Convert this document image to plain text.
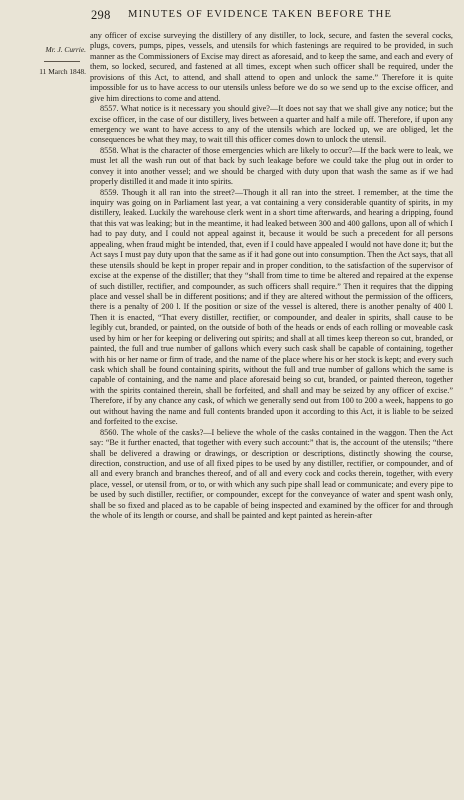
298 MINUTES OF EVIDENCE TAKEN BEFORE THE
Mr. J. Currie.
11 March 1848.

any officer of excise surveying the distillery of any distiller, to lock, secure, and fasten the several cocks, plugs, covers, pumps, pipes, vessels, and utensils for which fastenings are required to be provided, in such manner as the Commissioners of Excise may direct as aforesaid, and to keep the same, and each and every of them, so locked, secured, and fastened at all times, except when such officer shall be required, under the provisions of this Act, to attend, and shall attend to open and unlock the same.” Therefore it is quite impossible for us to have access to our utensils unless before we do so we send up to the excise officer, and give him directions to come and attend.

8557. What notice is it necessary you should give?—It does not say that we shall give any notice; but the excise officer, in the case of our distillery, lives between a quarter and half a mile off. Therefore, if upon any emergency we want to have access to any of the utensils which are locked up, we are obliged, let the consequences be what they may, to wait till this officer comes down to unlock the utensil.

8558. What is the character of those emergencies which are likely to occur?—If the back were to leak, we must let all the wash run out of that back by such leakage before we could take the plug out in order to convey it into another vessel; and we should be charged with duty upon that wash the same as if we had properly distilled it and made it into spirits.

8559. Though it all ran into the street?—Though it all ran into the street. I remember, at the time the inquiry was going on in Parliament last year, a vat containing a very considerable quantity of spirits, in my distillery, leaked. Luckily the warehouse clerk went in a short time afterwards, and hearing a dripping, found that this vat was leaking; but in the meantime, it had leaked between 300 and 400 gallons, upon all of which I had to pay duty, and I could not appeal against it, because it would be such a precedent for all persons appealing, when fraud might be intended, that, even if I could have appealed I would not have done it; but the Act says I must pay duty upon that the same as if it had gone out into consumption. Then the Act says, that all these utensils should be kept in proper repair and in proper condition, to the satisfaction of the supervisor of excise at the expense of the distiller; that they “shall from time to time be altered and repaired at the expense of such distiller, rectifier, and compounder, as such officers shall require.” Then it requires that the dipping place and vessel shall be in different positions; and if they are altered without the permission of the officers, there is a penalty of 200 l. If the position or size of the vessel is altered, there is another penalty of 400 l. Then it is enacted, “That every distiller, rectifier, or compounder, and dealer in spirits, shall cause to be legibly cut, branded, or painted, on the outside of both of the heads or ends of each rolling or moveable cask used by him or her for keeping or delivering out spirits; and shall at all times keep thereon so cut, branded, or painted, the full and true number of gallons which every such cask shall be capable of containing, together with his or her name or firm of trade, and the name of the place where his or her stock is kept; and every such cask which shall be found containing spirits, without the full and true number of gallons which the same is capable of containing, and the name and place aforesaid being so cut, branded, or painted thereon, together with the spirits contained therein, shall be forfeited, and shall and may be seized by any officer of excise.” Therefore, if by any chance any cask, of which we generally send out from 100 to 200 a week, happens to go out without having the name and full contents branded upon it according to this Act, it is liable to be seized and forfeited to the excise.

8560. The whole of the casks?—I believe the whole of the casks contained in the waggon. Then the Act say: “Be it further enacted, that together with every such account:” that is, the account of the utensils; “there shall be delivered a drawing or drawings, or description or descriptions, distinctly showing the course, direction, construction, and use of all fixed pipes to be used by any distiller, rectifier, or compounder, and of all and every branch and branches thereof, and of all and every cock and cocks therein, together, with every place, vessel, or utensil from, or to, or with which any such pipe shall lead or communicate; and every pipe to be used by such distiller, rectifier, or compounder, except for the conveyance of water and spent wash only, shall be so fixed and placed as to be capable of being inspected and examined by the officer for and through the whole of its length or course, and shall be painted and kept painted as herein-after
